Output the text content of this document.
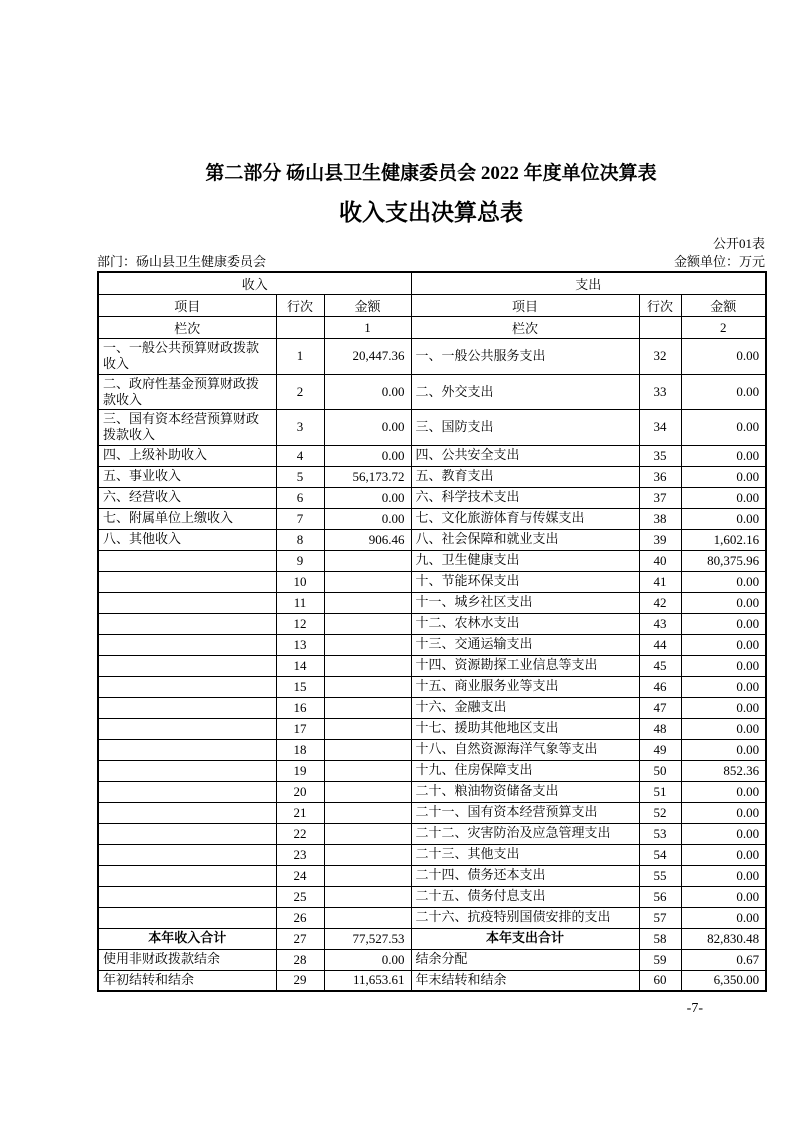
第二部分 砀山县卫生健康委员会 2022 年度单位决算表
收入支出决算总表
公开01表
部门：砀山县卫生健康委员会	金额单位：万元
收入			支出		
项目	行次	金额	项目	行次	金额
栏次		1	栏次		2
一、一般公共预算财政拨款收入	1	20,447.36	一、一般公共服务支出	32	0.00
二、政府性基金预算财政拨款收入	2	0.00	二、外交支出	33	0.00
三、国有资本经营预算财政拨款收入	3	0.00	三、国防支出	34	0.00
四、上级补助收入	4	0.00	四、公共安全支出	35	0.00
五、事业收入	5	56,173.72	五、教育支出	36	0.00
六、经营收入	6	0.00	六、科学技术支出	37	0.00
七、附属单位上缴收入	7	0.00	七、文化旅游体育与传媒支出	38	0.00
八、其他收入	8	906.46	八、社会保障和就业支出	39	1,602.16
	9		九、卫生健康支出	40	80,375.96
	10		十、节能环保支出	41	0.00
	11		十一、城乡社区支出	42	0.00
	12		十二、农林水支出	43	0.00
	13		十三、交通运输支出	44	0.00
	14		十四、资源勘探工业信息等支出	45	0.00
	15		十五、商业服务业等支出	46	0.00
	16		十六、金融支出	47	0.00
	17		十七、援助其他地区支出	48	0.00
	18		十八、自然资源海洋气象等支出	49	0.00
	19		十九、住房保障支出	50	852.36
	20		二十、粮油物资储备支出	51	0.00
	21		二十一、国有资本经营预算支出	52	0.00
	22		二十二、灾害防治及应急管理支出	53	0.00
	23		二十三、其他支出	54	0.00
	24		二十四、债务还本支出	55	0.00
	25		二十五、债务付息支出	56	0.00
	26		二十六、抗疫特别国债安排的支出	57	0.00
本年收入合计	27	77,527.53	本年支出合计	58	82,830.48
使用非财政拨款结余	28	0.00	结余分配	59	0.67
年初结转和结余	29	11,653.61	年末结转和结余	60	6,350.00
-7-
